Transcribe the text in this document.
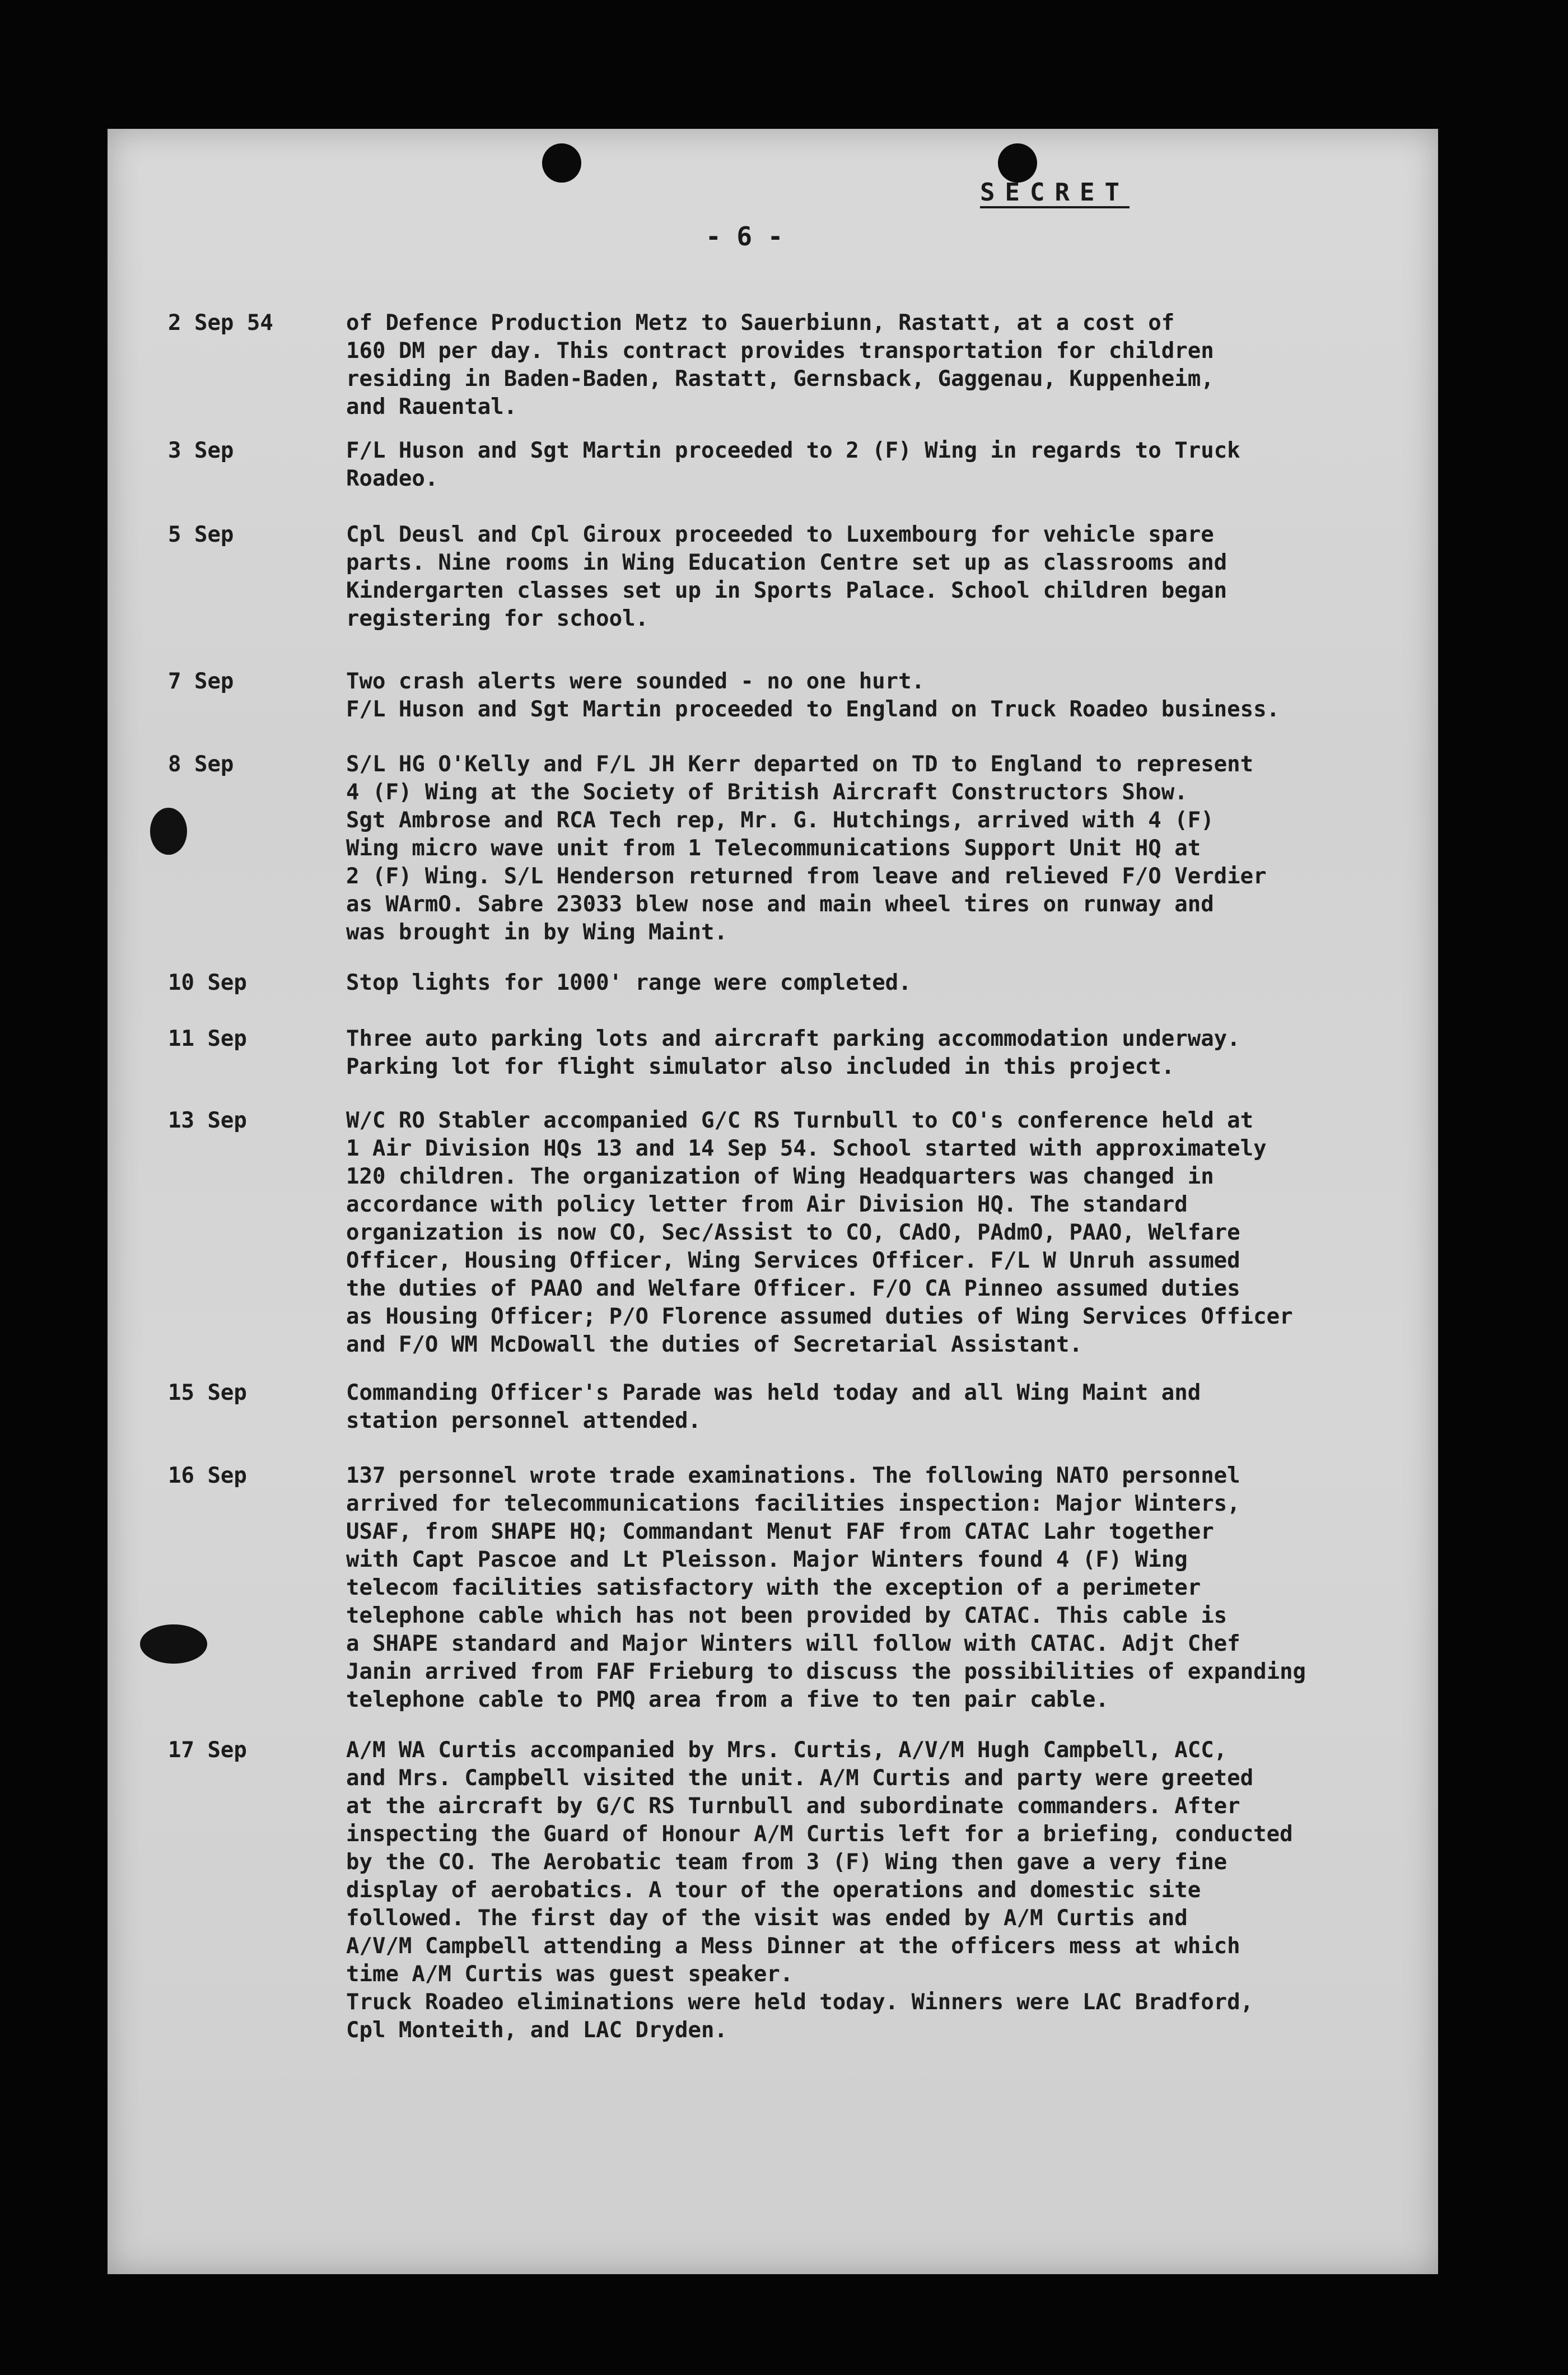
SECRET
- 6 -
2 Sep 54	of Defence Production Metz to Sauerbiunn, Rastatt, at a cost of
160 DM per day. This contract provides transportation for children
residing in Baden-Baden, Rastatt, Gernsback, Gaggenau, Kuppenheim,
and Rauental.

3 Sep	F/L Huson and Sgt Martin proceeded to 2 (F) Wing in regards to Truck
Roadeo.

5 Sep	Cpl Deusl and Cpl Giroux proceeded to Luxembourg for vehicle spare
parts. Nine rooms in Wing Education Centre set up as classrooms and
Kindergarten classes set up in Sports Palace. School children began
registering for school.

7 Sep	Two crash alerts were sounded - no one hurt.
F/L Huson and Sgt Martin proceeded to England on Truck Roadeo business.

8 Sep	S/L HG O'Kelly and F/L JH Kerr departed on TD to England to represent
4 (F) Wing at the Society of British Aircraft Constructors Show.
Sgt Ambrose and RCA Tech rep, Mr. G. Hutchings, arrived with 4 (F)
Wing micro wave unit from 1 Telecommunications Support Unit HQ at
2 (F) Wing. S/L Henderson returned from leave and relieved F/O Verdier
as WArmO. Sabre 23033 blew nose and main wheel tires on runway and
was brought in by Wing Maint.

10 Sep	Stop lights for 1000' range were completed.

11 Sep	Three auto parking lots and aircraft parking accommodation underway.
Parking lot for flight simulator also included in this project.

13 Sep	W/C RO Stabler accompanied G/C RS Turnbull to CO's conference held at
1 Air Division HQs 13 and 14 Sep 54. School started with approximately
120 children. The organization of Wing Headquarters was changed in
accordance with policy letter from Air Division HQ. The standard
organization is now CO, Sec/Assist to CO, CAdO, PAdmO, PAAO, Welfare
Officer, Housing Officer, Wing Services Officer. F/L W Unruh assumed
the duties of PAAO and Welfare Officer. F/O CA Pinneo assumed duties
as Housing Officer; P/O Florence assumed duties of Wing Services Officer
and F/O WM McDowall the duties of Secretarial Assistant.

15 Sep	Commanding Officer's Parade was held today and all Wing Maint and
station personnel attended.

16 Sep	137 personnel wrote trade examinations. The following NATO personnel
arrived for telecommunications facilities inspection: Major Winters,
USAF, from SHAPE HQ; Commandant Menut FAF from CATAC Lahr together
with Capt Pascoe and Lt Pleisson. Major Winters found 4 (F) Wing
telecom facilities satisfactory with the exception of a perimeter
telephone cable which has not been provided by CATAC. This cable is
a SHAPE standard and Major Winters will follow with CATAC. Adjt Chef
Janin arrived from FAF Frieburg to discuss the possibilities of expanding
telephone cable to PMQ area from a five to ten pair cable.

17 Sep	A/M WA Curtis accompanied by Mrs. Curtis, A/V/M Hugh Campbell, ACC,
and Mrs. Campbell visited the unit. A/M Curtis and party were greeted
at the aircraft by G/C RS Turnbull and subordinate commanders. After
inspecting the Guard of Honour A/M Curtis left for a briefing, conducted
by the CO. The Aerobatic team from 3 (F) Wing then gave a very fine
display of aerobatics. A tour of the operations and domestic site
followed. The first day of the visit was ended by A/M Curtis and
A/V/M Campbell attending a Mess Dinner at the officers mess at which
time A/M Curtis was guest speaker.
Truck Roadeo eliminations were held today. Winners were LAC Bradford,
Cpl Monteith, and LAC Dryden.
